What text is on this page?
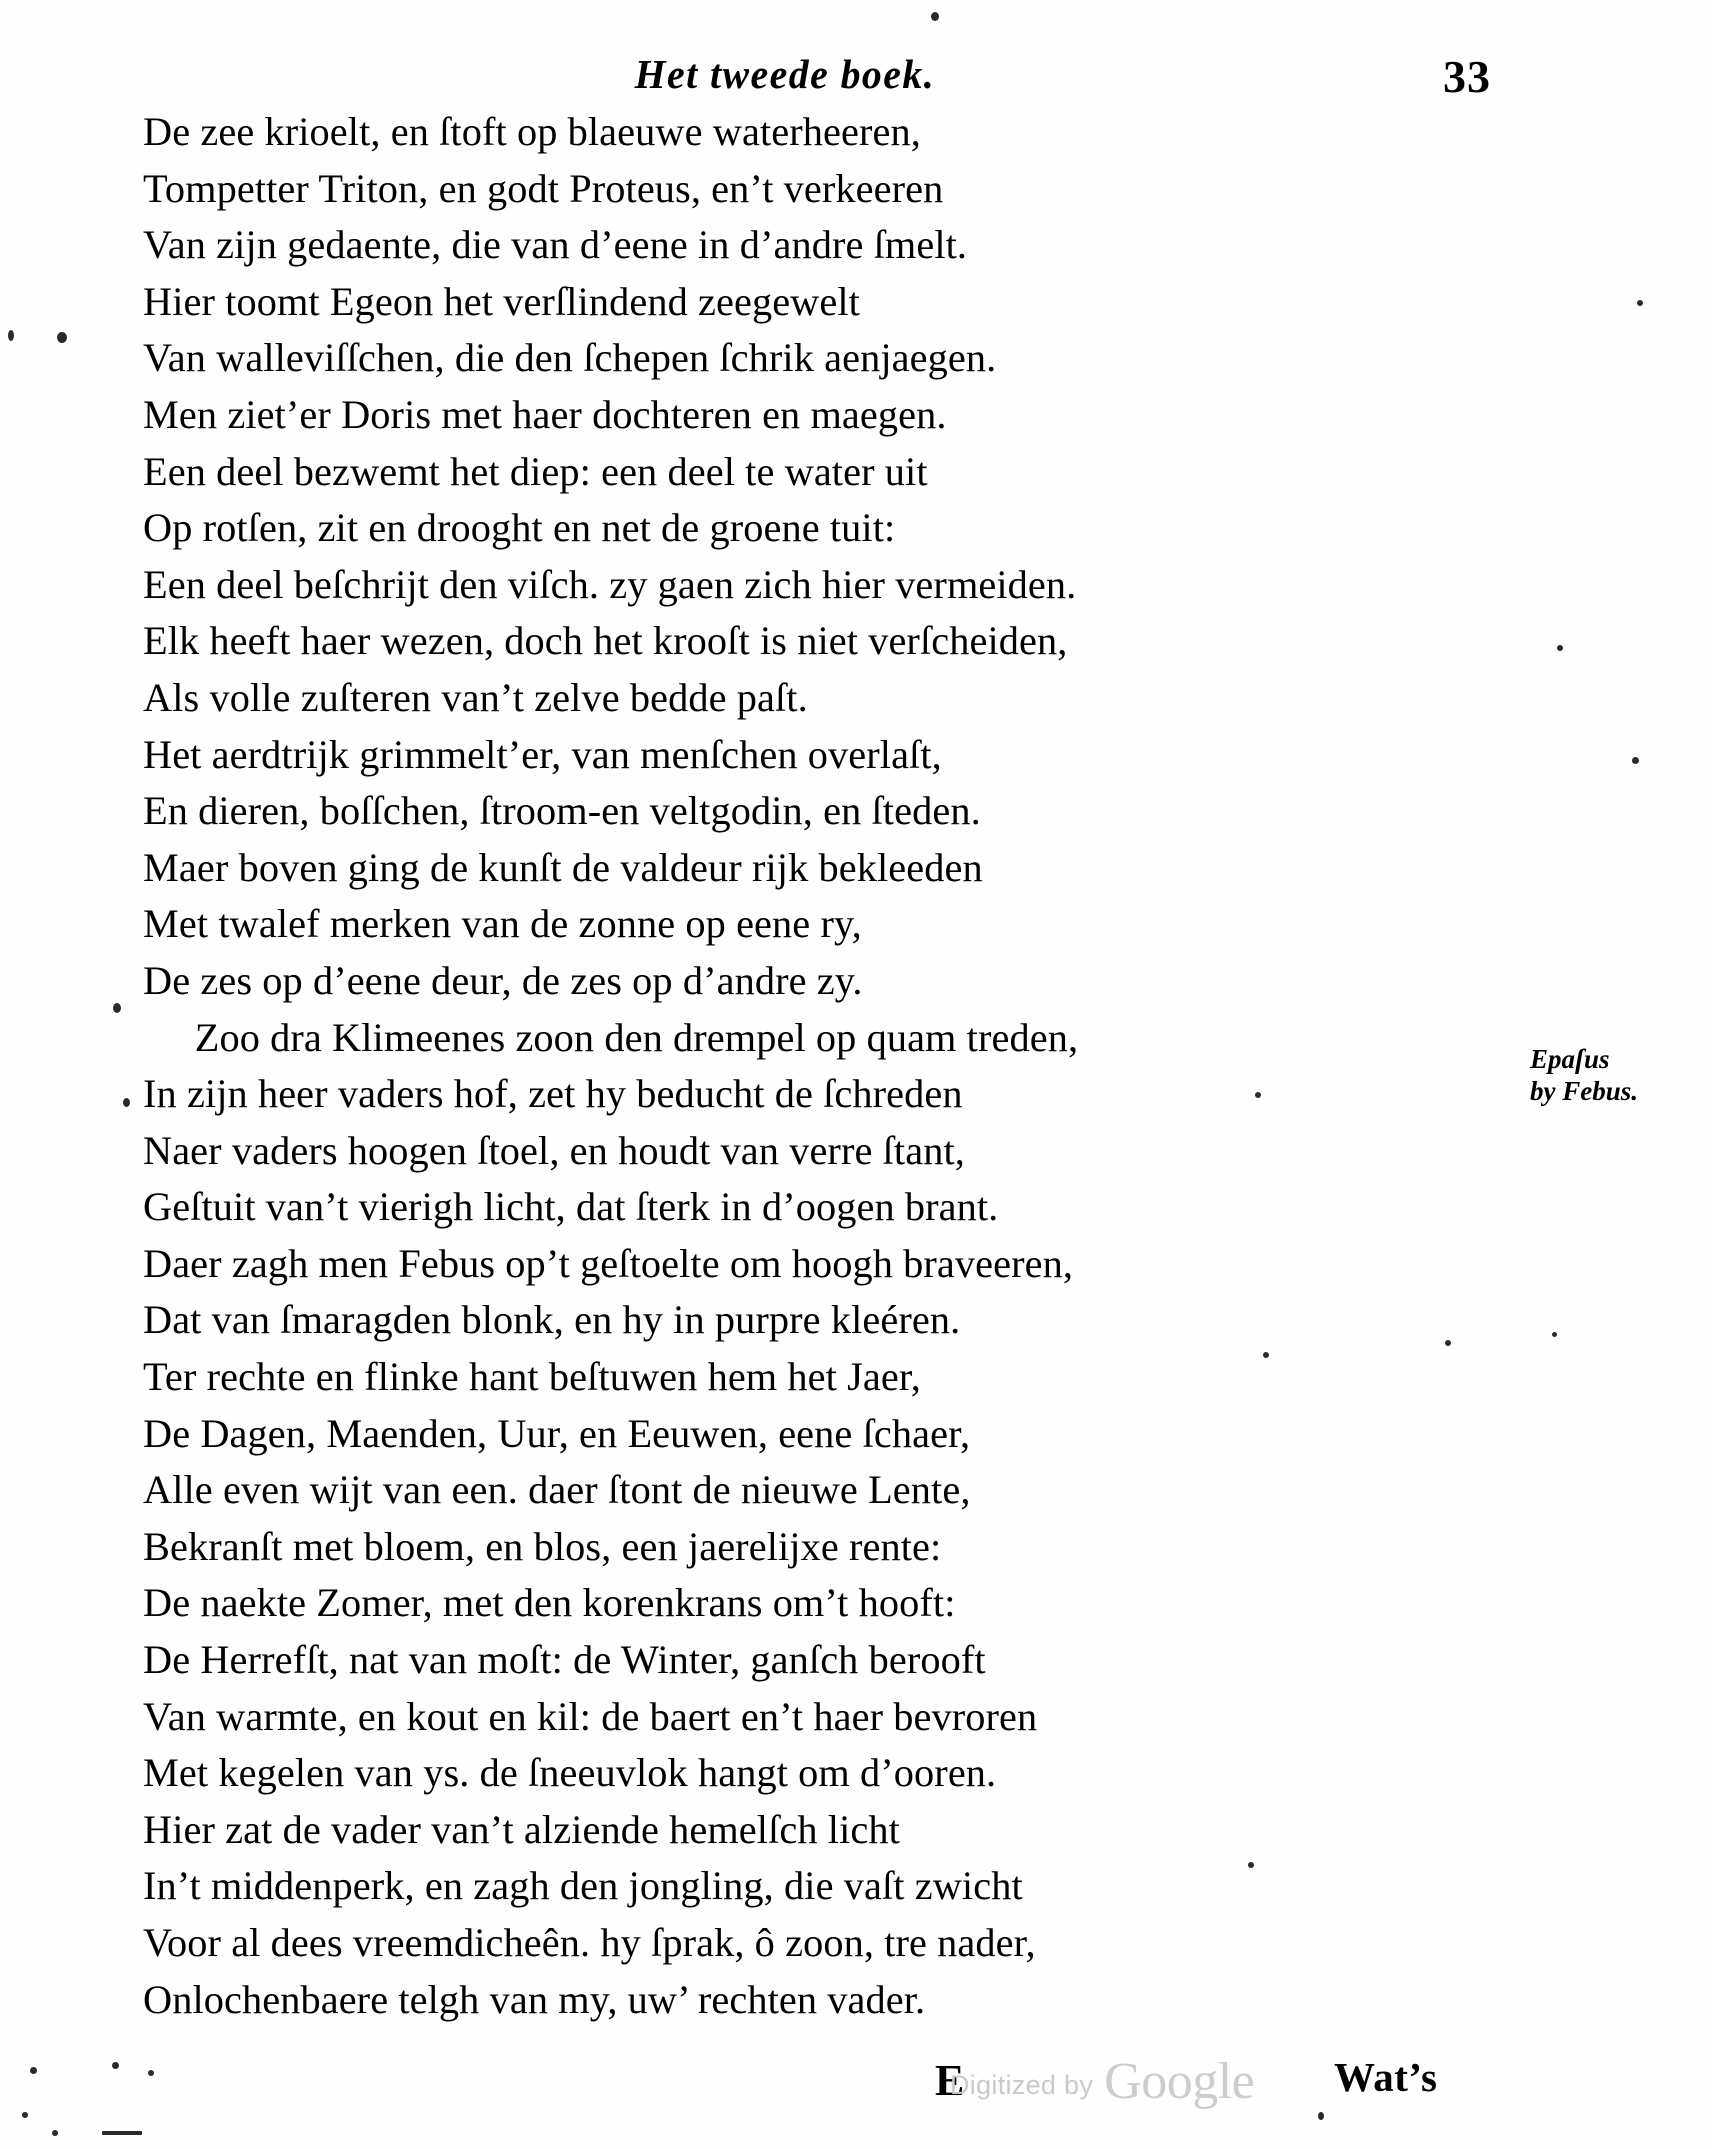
Het tweede boek.	33
De zee krioelt, en ſtoft op blaeuwe waterheeren,
Tompetter Triton, en godt Proteus, en’t verkeeren
Van zijn gedaente, die van d’eene in d’andre ſmelt.
Hier toomt Egeon het verſlindend zeegewelt
Van walleviſſchen, die den ſchepen ſchrik aenjaegen.
Men ziet’er Doris met haer dochteren en maegen.
Een deel bezwemt het diep: een deel te water uit
Op rotſen, zit en drooght en net de groene tuit:
Een deel beſchrijt den viſch. zy gaen zich hier vermeiden.
Elk heeft haer wezen, doch het krooſt is niet verſcheiden,
Als volle zuſteren van’t zelve bedde paſt.
Het aerdtrijk grimmelt’er, van menſchen overlaſt,
En dieren, boſſchen, ſtroom-en veltgodin, en ſteden.
Maer boven ging de kunſt de valdeur rijk bekleeden
Met twalef merken van de zonne op eene ry,
De zes op d’eene deur, de zes op d’andre zy.
Zoo dra Klimeenes zoon den drempel op quam treden,
In zijn heer vaders hof, zet hy beducht de ſchreden
Naer vaders hoogen ſtoel, en houdt van verre ſtant,
Geſtuit van’t vierigh licht, dat ſterk in d’oogen brant.
Daer zagh men Febus op’t geſtoelte om hoogh braveeren,
Dat van ſmaragden blonk, en hy in purpre kleéren.
Ter rechte en flinke hant beſtuwen hem het Jaer,
De Dagen, Maenden, Uur, en Eeuwen, eene ſchaer,
Alle even wijt van een. daer ſtont de nieuwe Lente,
Bekranſt met bloem, en blos, een jaerelijxe rente:
De naekte Zomer, met den korenkrans om’t hooft:
De Herrefſt, nat van moſt: de Winter, ganſch berooft
Van warmte, en kout en kil: de baert en’t haer bevroren
Met kegelen van ys. de ſneeuvlok hangt om d’ooren.
Hier zat de vader van’t alziende hemelſch licht
In’t middenperk, en zagh den jongling, die vaſt zwicht
Voor al dees vreemdicheên. hy ſprak, ô zoon, tre nader,
Onlochenbaere telgh van my, uw’ rechten vader.
Epaſus
by Febus.
E	Wat’s
Digitized by Google
